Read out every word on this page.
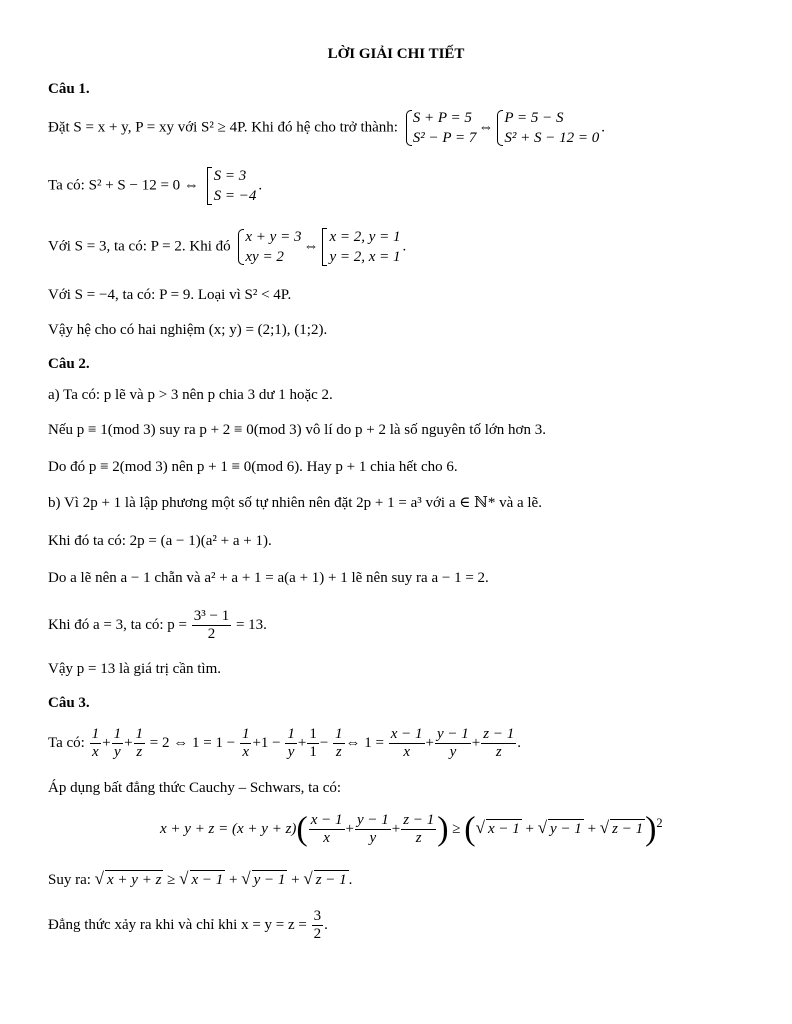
LỜI GIẢI CHI TIẾT
Câu 1.
Đặt S = x + y, P = xy với S² ≥ 4P. Khi đó hệ cho trở thành:
S + P = 5
S² − P = 7
⇔
P = 5 − S
S² + S − 12 = 0
.
Ta có: S² + S − 12 = 0 ⇔
S = 3
S = −4
.
Với S = 3, ta có: P = 2. Khi đó
x + y = 3
xy = 2
⇔
x = 2, y = 1
y = 2, x = 1
.
Với S = −4, ta có: P = 9. Loại vì S² < 4P.
Vậy hệ cho có hai nghiệm (x; y) = (2;1), (1;2).
Câu 2.
a) Ta có: p lẽ và p > 3 nên p chia 3 dư 1 hoặc 2.
Nếu p ≡ 1(mod 3) suy ra p + 2 ≡ 0(mod 3) vô lí do p + 2 là số nguyên tố lớn hơn 3.
Do đó p ≡ 2(mod 3) nên p + 1 ≡ 0(mod 6). Hay p + 1 chia hết cho 6.
b) Vì 2p + 1 là lập phương một số tự nhiên nên đặt 2p + 1 = a³ với a ∈ ℕ* và a lẽ.
Khi đó ta có: 2p = (a − 1)(a² + a + 1).
Do a lẽ nên a − 1 chẵn và a² + a + 1 = a(a + 1) + 1 lẽ nên suy ra a − 1 = 2.
Khi đó a = 3, ta có: $p = \frac{\text{3³ − 1}}{2} = 13$.
Vậy p = 13 là giá trị cần tìm.
Câu 3.
Ta có: $\frac{1}{x} + \frac{1}{y} + \frac{1}{z} = 2$ ⇔ $1 = 1 - \frac{1}{x} +1 - \frac{1}{y} + \frac{1}{1} - \frac{1}{z}$ ⇔ $1 = \frac{x - 1}{x} + \frac{y - 1}{y} + \frac{z - 1}{z}$ .
Áp dụng bất đẳng thức Cauchy – Schwars, ta có:
$x + y + z = (x + y + z)( \frac{x - 1}{x} + \frac{y - 1}{y} + \frac{z - 1}{z}$ ) ≥ (√ x − 1 + √ y − 1 + √ z − 1)$^2$
Suy ra: √ x + y + z ≥ √ x − 1 + √ y − 1 + √ z − 1 .
Đẳng thức xảy ra khi và chỉ khi $x = y = z = \frac{3}{2}$ .
